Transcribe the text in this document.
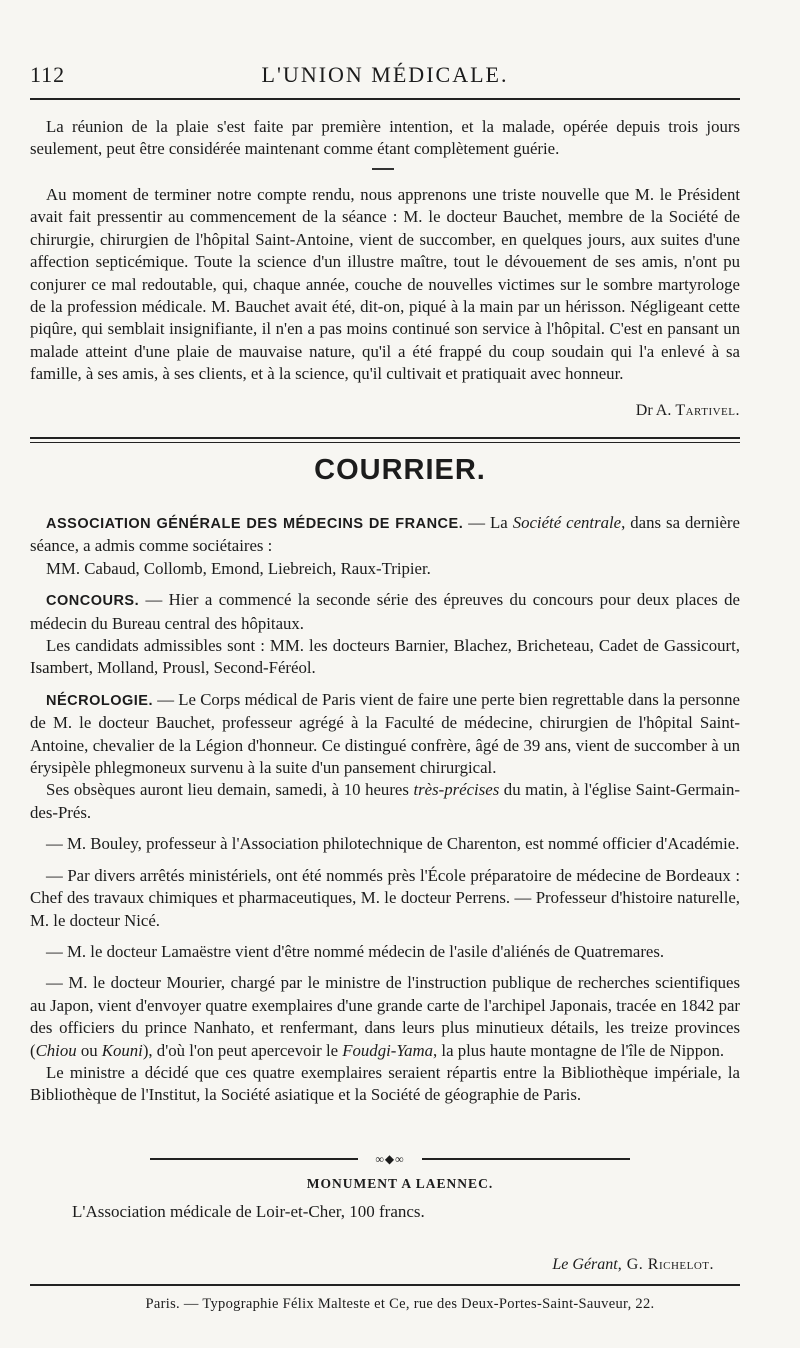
112	L'UNION MÉDICALE.

La réunion de la plaie s'est faite par première intention, et la malade, opérée depuis trois jours seulement, peut être considérée maintenant comme étant complètement guérie.

Au moment de terminer notre compte rendu, nous apprenons une triste nouvelle que M. le Président avait fait pressentir au commencement de la séance : M. le docteur Bauchet, membre de la Société de chirurgie, chirurgien de l'hôpital Saint-Antoine, vient de succomber, en quelques jours, aux suites d'une affection septicémique. Toute la science d'un illustre maître, tout le dévouement de ses amis, n'ont pu conjurer ce mal redoutable, qui, chaque année, couche de nouvelles victimes sur le sombre martyrologe de la profession médicale. M. Bauchet avait été, dit-on, piqué à la main par un hérisson. Négligeant cette piqûre, qui semblait insignifiante, il n'en a pas moins continué son service à l'hôpital. C'est en pansant un malade atteint d'une plaie de mauvaise nature, qu'il a été frappé du coup soudain qui l'a enlevé à sa famille, à ses amis, à ses clients, et à la science, qu'il cultivait et pratiquait avec honneur.

Dr A. Tartivel.
COURRIER.

ASSOCIATION GÉNÉRALE DES MÉDECINS DE FRANCE. — La Société centrale, dans sa dernière séance, a admis comme sociétaires :

MM. Cabaud, Collomb, Emond, Liebreich, Raux-Tripier.

CONCOURS. — Hier a commencé la seconde série des épreuves du concours pour deux places de médecin du Bureau central des hôpitaux.

Les candidats admissibles sont : MM. les docteurs Barnier, Blachez, Bricheteau, Cadet de Gassicourt, Isambert, Molland, Prousl, Second-Féréol.

NÉCROLOGIE. — Le Corps médical de Paris vient de faire une perte bien regrettable dans la personne de M. le docteur Bauchet, professeur agrégé à la Faculté de médecine, chirurgien de l'hôpital Saint-Antoine, chevalier de la Légion d'honneur. Ce distingué confrère, âgé de 39 ans, vient de succomber à un érysipèle phlegmoneux survenu à la suite d'un pansement chirurgical.

Ses obsèques auront lieu demain, samedi, à 10 heures très-précises du matin, à l'église Saint-Germain-des-Prés.

— M. Bouley, professeur à l'Association philotechnique de Charenton, est nommé officier d'Académie.

— Par divers arrêtés ministériels, ont été nommés près l'École préparatoire de médecine de Bordeaux : Chef des travaux chimiques et pharmaceutiques, M. le docteur Perrens. — Professeur d'histoire naturelle, M. le docteur Nicé.

— M. le docteur Lamaëstre vient d'être nommé médecin de l'asile d'aliénés de Quatremares.

— M. le docteur Mourier, chargé par le ministre de l'instruction publique de recherches scientifiques au Japon, vient d'envoyer quatre exemplaires d'une grande carte de l'archipel Japonais, tracée en 1842 par des officiers du prince Nanhato, et renfermant, dans leurs plus minutieux détails, les treize provinces (Chiou ou Kouni), d'où l'on peut apercevoir le Foudgi-Yama, la plus haute montagne de l'île de Nippon.

Le ministre a décidé que ces quatre exemplaires seraient répartis entre la Bibliothèque impériale, la Bibliothèque de l'Institut, la Société asiatique et la Société de géographie de Paris.

∞◆∞
MONUMENT A LAENNEC.
L'Association médicale de Loir-et-Cher, 100 francs.
Le Gérant, G. Richelot.
Paris. — Typographie Félix Malteste et Ce, rue des Deux-Portes-Saint-Sauveur, 22.
